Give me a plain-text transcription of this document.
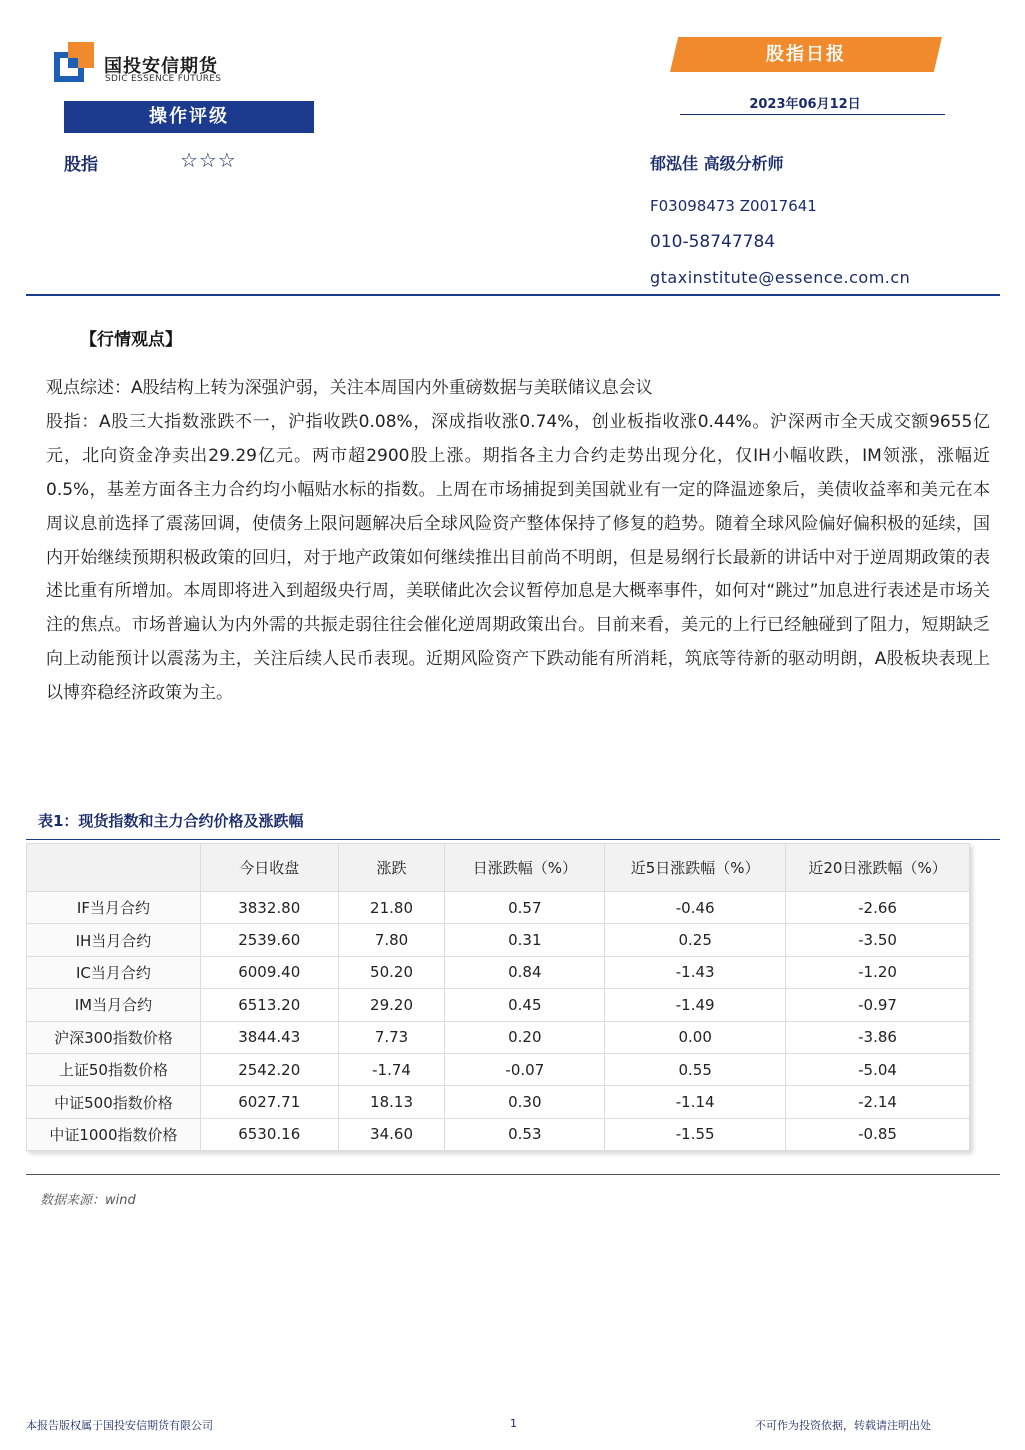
国投安信期货
SDIC ESSENCE FUTURES
股指日报
2023年06月12日
操作评级
股指	☆☆☆	郁泓佳 高级分析师
F03098473 Z0017641
010-58747784
gtaxinstitute@essence.com.cn
【行情观点】

观点综述：A股结构上转为深强沪弱，关注本周国内外重磅数据与美联储议息会议

股指：A股三大指数涨跌不一，沪指收跌0.08%，深成指收涨0.74%，创业板指收涨0.44%。沪深两市全天成交额9655亿元，北向资金净卖出29.29亿元。两市超2900股上涨。期指各主力合约走势出现分化，仅IH小幅收跌，IM领涨，涨幅近0.5%，基差方面各主力合约均小幅贴水标的指数。上周在市场捕捉到美国就业有一定的降温迹象后，美债收益率和美元在本周议息前选择了震荡回调，使债务上限问题解决后全球风险资产整体保持了修复的趋势。随着全球风险偏好偏积极的延续，国内开始继续预期积极政策的回归，对于地产政策如何继续推出目前尚不明朗，但是易纲行长最新的讲话中对于逆周期政策的表述比重有所增加。本周即将进入到超级央行周，美联储此次会议暂停加息是大概率事件，如何对“跳过”加息进行表述是市场关注的焦点。市场普遍认为内外需的共振走弱往往会催化逆周期政策出台。目前来看，美元的上行已经触碰到了阻力，短期缺乏向上动能预计以震荡为主，关注后续人民币表现。近期风险资产下跌动能有所消耗，筑底等待新的驱动明朗，A股板块表现上以博弈稳经济政策为主。

表1：现货指数和主力合约价格及涨跌幅
	今日收盘	涨跌	日涨跌幅（%）	近5日涨跌幅（%）	近20日涨跌幅（%）
IF当月合约	3832.80	21.80	0.57	-0.46	-2.66
IH当月合约	2539.60	7.80	0.31	0.25	-3.50
IC当月合约	6009.40	50.20	0.84	-1.43	-1.20
IM当月合约	6513.20	29.20	0.45	-1.49	-0.97
沪深300指数价格	3844.43	7.73	0.20	0.00	-3.86
上证50指数价格	2542.20	-1.74	-0.07	0.55	-5.04
中证500指数价格	6027.71	18.13	0.30	-1.14	-2.14
中证1000指数价格	6530.16	34.60	0.53	-1.55	-0.85
数据来源：wind
本报告版权属于国投安信期货有限公司	1	不可作为投资依据，转载请注明出处
